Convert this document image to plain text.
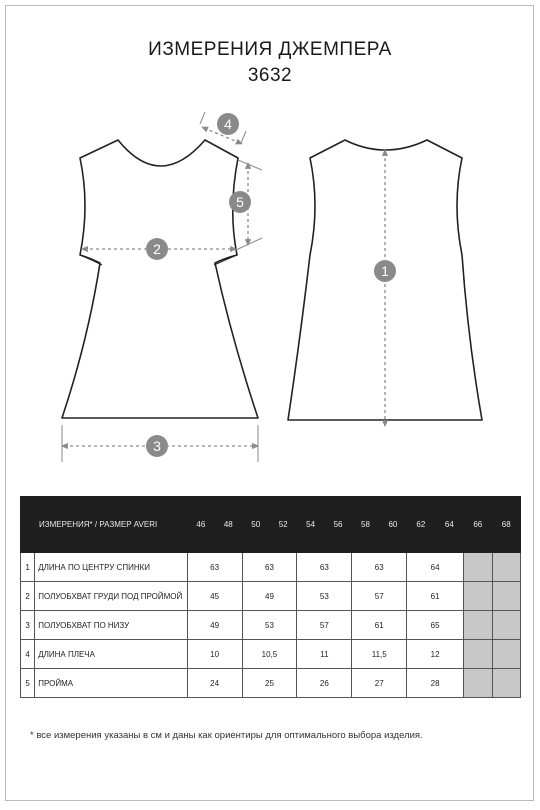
ИЗМЕРЕНИЯ ДЖЕМПЕРА
3632
2
3
4
5
1
ИЗМЕРЕНИЯ* / РАЗМЕР AVERI		46	48	50	52	54	56	58	60	62	64	66	68
1	ДЛИНА ПО ЦЕНТРУ СПИНКИ	63		63		63		63		64			
2	ПОЛУОБХВАТ ГРУДИ ПОД ПРОЙМОЙ	45		49		53		57		61			
3	ПОЛУОБХВАТ ПО НИЗУ	49		53		57		61		65			
4	ДЛИНА ПЛЕЧА	10		10,5		11		11,5		12			
5	ПРОЙМА	24		25		26		27		28			
* все измерения указаны в см и даны как ориентиры для оптимального выбора изделия.
